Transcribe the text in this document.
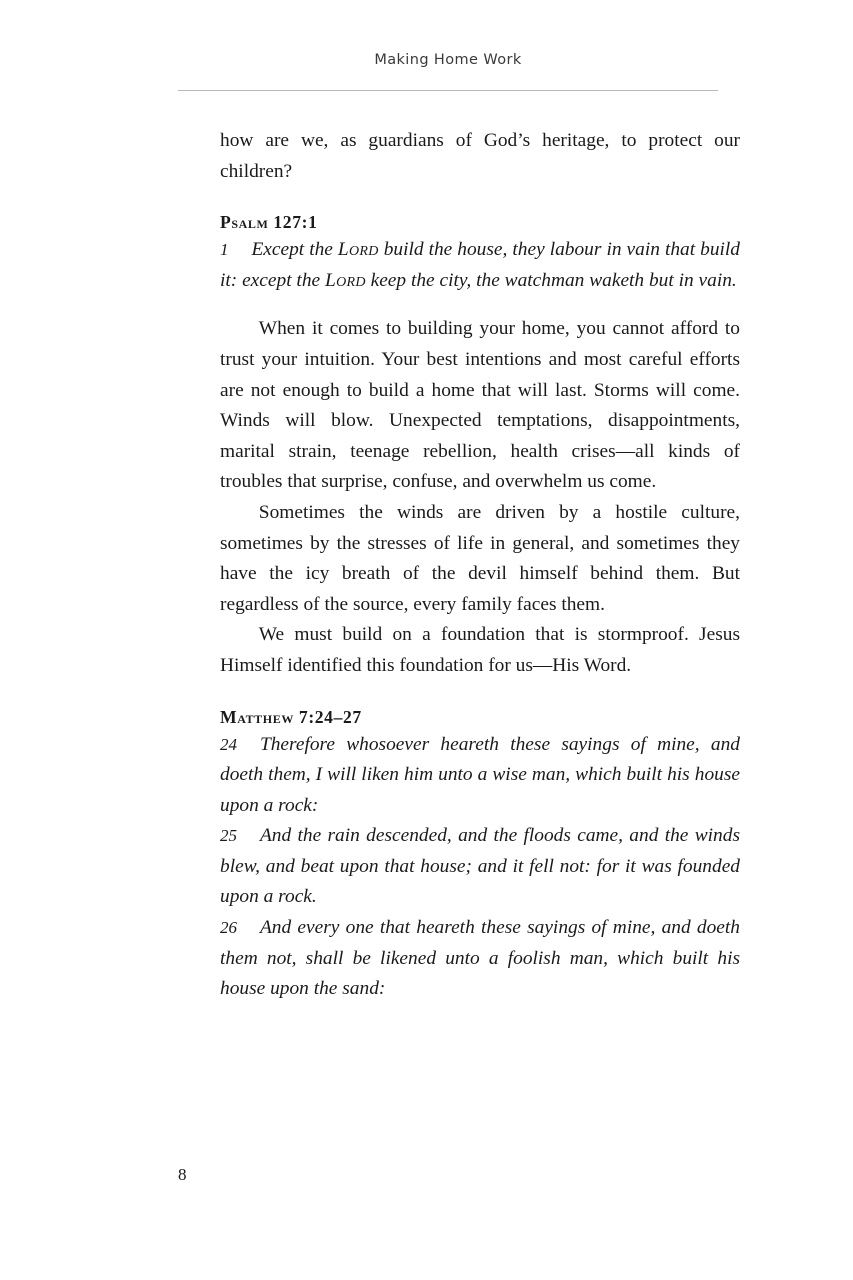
Making Home Work

how are we, as guardians of God’s heritage, to protect our children?

Psalm 127:1

1 Except the Lord build the house, they labour in vain that build it: except the Lord keep the city, the watchman waketh but in vain.

When it comes to building your home, you cannot afford to trust your intuition. Your best intentions and most careful efforts are not enough to build a home that will last. Storms will come. Winds will blow. Unexpected temptations, disappointments, marital strain, teenage rebellion, health crises—all kinds of troubles that surprise, confuse, and overwhelm us come.

Sometimes the winds are driven by a hostile culture, sometimes by the stresses of life in general, and sometimes they have the icy breath of the devil himself behind them. But regardless of the source, every family faces them.

We must build on a foundation that is stormproof. Jesus Himself identified this foundation for us—His Word.

Matthew 7:24–27

24 Therefore whosoever heareth these sayings of mine, and doeth them, I will liken him unto a wise man, which built his house upon a rock:

25 And the rain descended, and the floods came, and the winds blew, and beat upon that house; and it fell not: for it was founded upon a rock.

26 And every one that heareth these sayings of mine, and doeth them not, shall be likened unto a foolish man, which built his house upon the sand:

8
